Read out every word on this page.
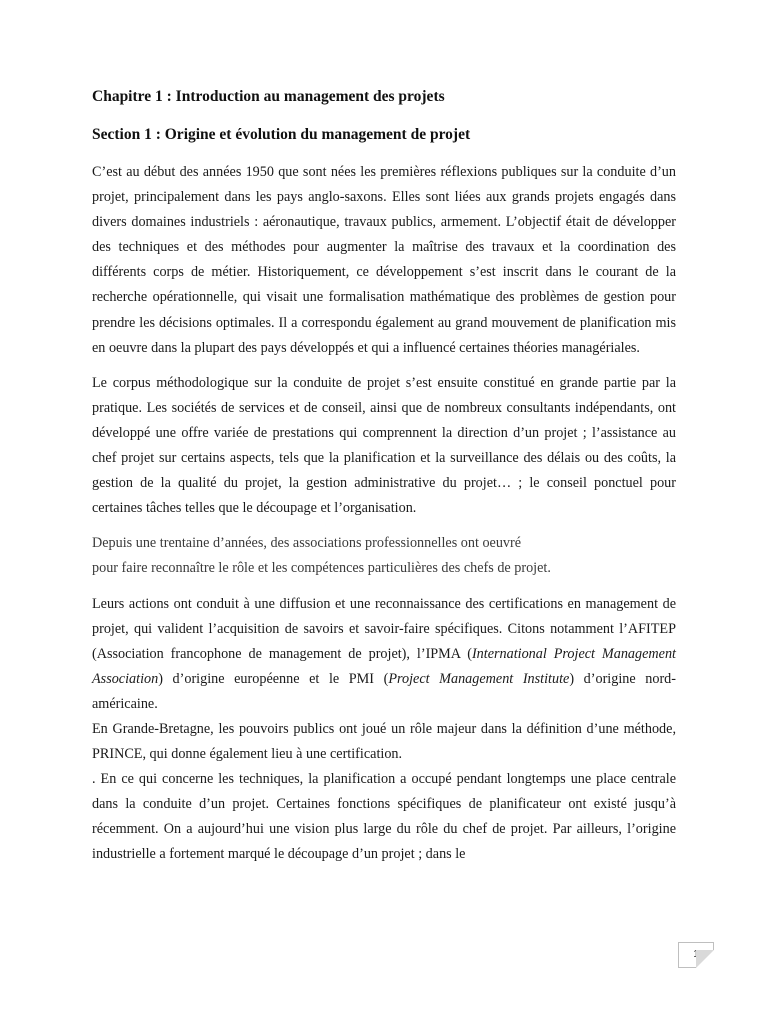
Chapitre 1 : Introduction au management des projets
Section 1 : Origine et évolution du management de projet

C’est au début des années 1950 que sont nées les premières réflexions publiques sur la conduite d’un projet, principalement dans les pays anglo-saxons. Elles sont liées aux grands projets engagés dans divers domaines industriels : aéronautique, travaux publics, armement. L’objectif était de développer des techniques et des méthodes pour augmenter la maîtrise des travaux et la coordination des différents corps de métier. Historiquement, ce développement s’est inscrit dans le courant de la recherche opérationnelle, qui visait une formalisation mathématique des problèmes de gestion pour prendre les décisions optimales. Il a correspondu également au grand mouvement de planification mis en oeuvre dans la plupart des pays développés et qui a influencé certaines théories managériales.

Le corpus méthodologique sur la conduite de projet s’est ensuite constitué en grande partie par la pratique. Les sociétés de services et de conseil, ainsi que de nombreux consultants indépendants, ont développé une offre variée de prestations qui comprennent la direction d’un projet ; l’assistance au chef projet sur certains aspects, tels que la planification et la surveillance des délais ou des coûts, la gestion de la qualité du projet, la gestion administrative du projet… ; le conseil ponctuel pour certaines tâches telles que le découpage et l’organisation.

Depuis une trentaine d’années, des associations professionnelles ont oeuvré
pour faire reconnaître le rôle et les compétences particulières des chefs de projet.

Leurs actions ont conduit à une diffusion et une reconnaissance des certifications en management de projet, qui valident l’acquisition de savoirs et savoir-faire spécifiques. Citons notamment l’AFITEP (Association francophone de management de projet), l’IPMA (International Project Management Association) d’origine européenne et le PMI (Project Management Institute) d’origine nord-américaine.

En Grande-Bretagne, les pouvoirs publics ont joué un rôle majeur dans la définition d’une méthode, PRINCE, qui donne également lieu à une certification.

. En ce qui concerne les techniques, la planification a occupé pendant longtemps une place centrale dans la conduite d’un projet. Certaines fonctions spécifiques de planificateur ont existé jusqu’à récemment. On a aujourd’hui une vision plus large du rôle du chef de projet. Par ailleurs, l’origine industrielle a fortement marqué le découpage d’un projet ; dans le

1
